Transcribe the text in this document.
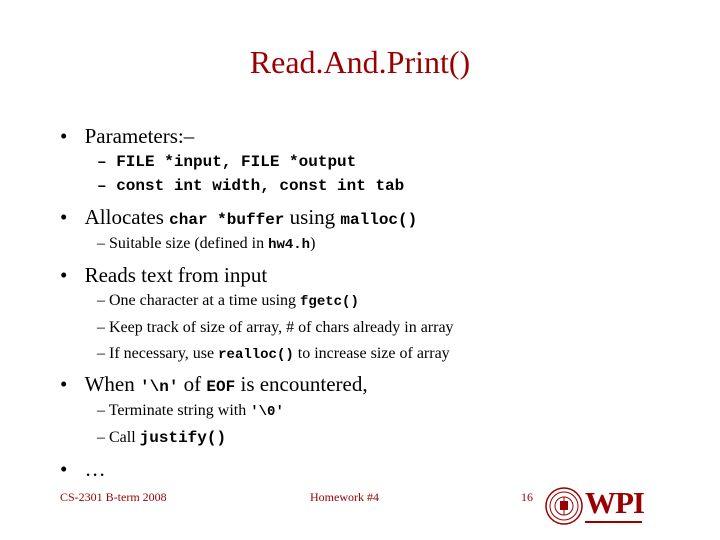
Read.And.Print()
• Parameters:–
– FILE *input, FILE *output
– const int width, const int tab
• Allocates char *buffer using malloc()
– Suitable size (defined in hw4.h)
• Reads text from input
– One character at a time using fgetc()
– Keep track of size of array, # of chars already in array
– If necessary, use realloc() to increase size of array
• When '\n' of EOF is encountered,
– Terminate string with '\0'
– Call justify()
• …
CS-2301 B-term 2008	Homework #4	16 WPI
